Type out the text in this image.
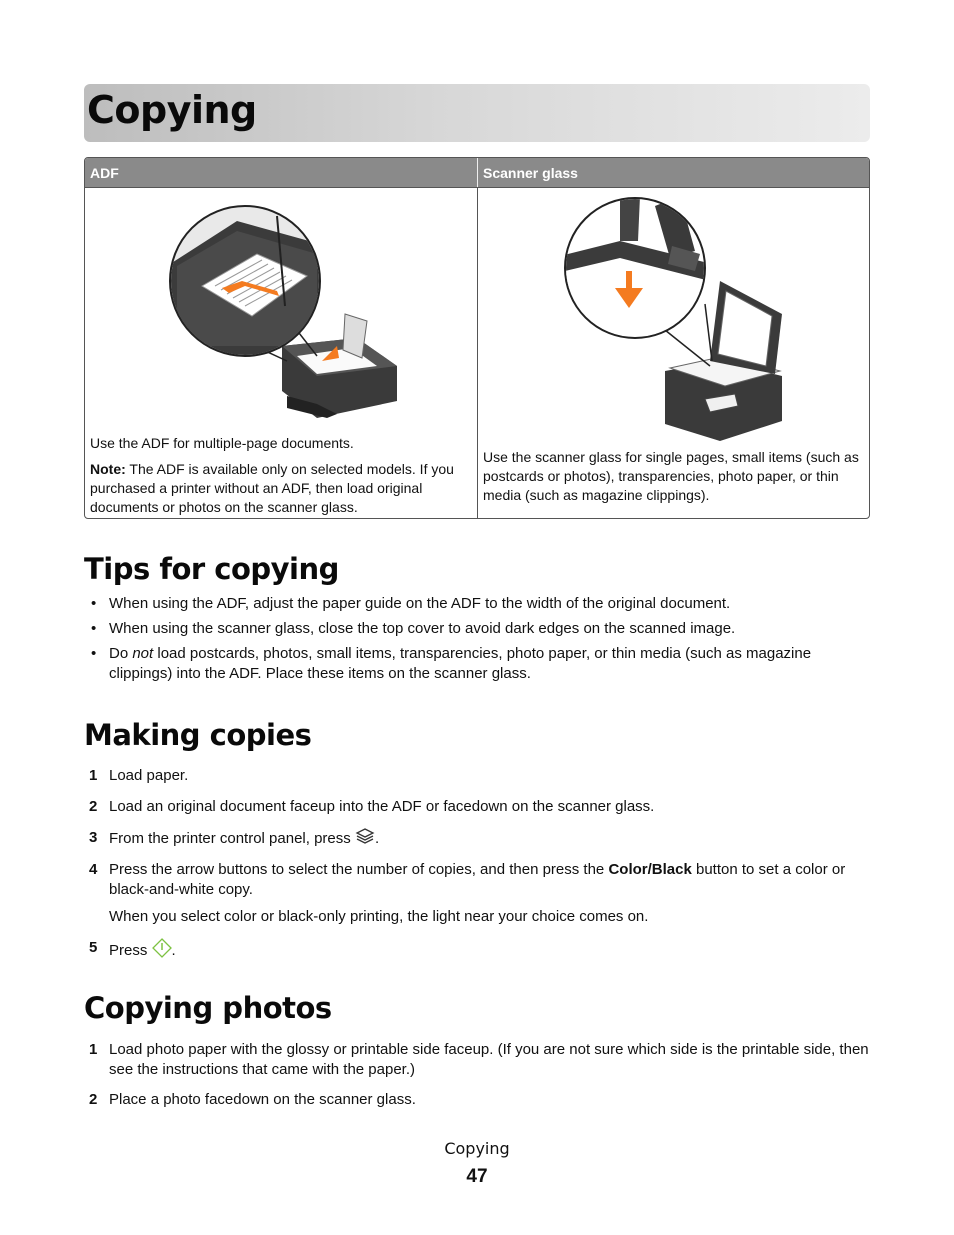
Copying
ADF	Scanner glass

Use the ADF for multiple-page documents.

Note: The ADF is available only on selected models. If you purchased a printer without an ADF, then load original documents or photos on the scanner glass.

Use the scanner glass for single pages, small items (such as postcards or photos), transparencies, photo paper, or thin media (such as magazine clippings).

Tips for copying
• When using the ADF, adjust the paper guide on the ADF to the width of the original document.
• When using the scanner glass, close the top cover to avoid dark edges on the scanned image.
• Do not load postcards, photos, small items, transparencies, photo paper, or thin media (such as magazine clippings) into the ADF. Place these items on the scanner glass.
Making copies
1 Load paper.
2 Load an original document faceup into the ADF or facedown on the scanner glass.
3 From the printer control panel, press .
4 Press the arrow buttons to select the number of copies, and then press the Color/Black button to set a color or black-and-white copy.
When you select color or black-only printing, the light near your choice comes on.
5 Press .
Copying photos
1 Load photo paper with the glossy or printable side faceup. (If you are not sure which side is the printable side, then see the instructions that came with the paper.)
2 Place a photo facedown on the scanner glass.
Copying
47
